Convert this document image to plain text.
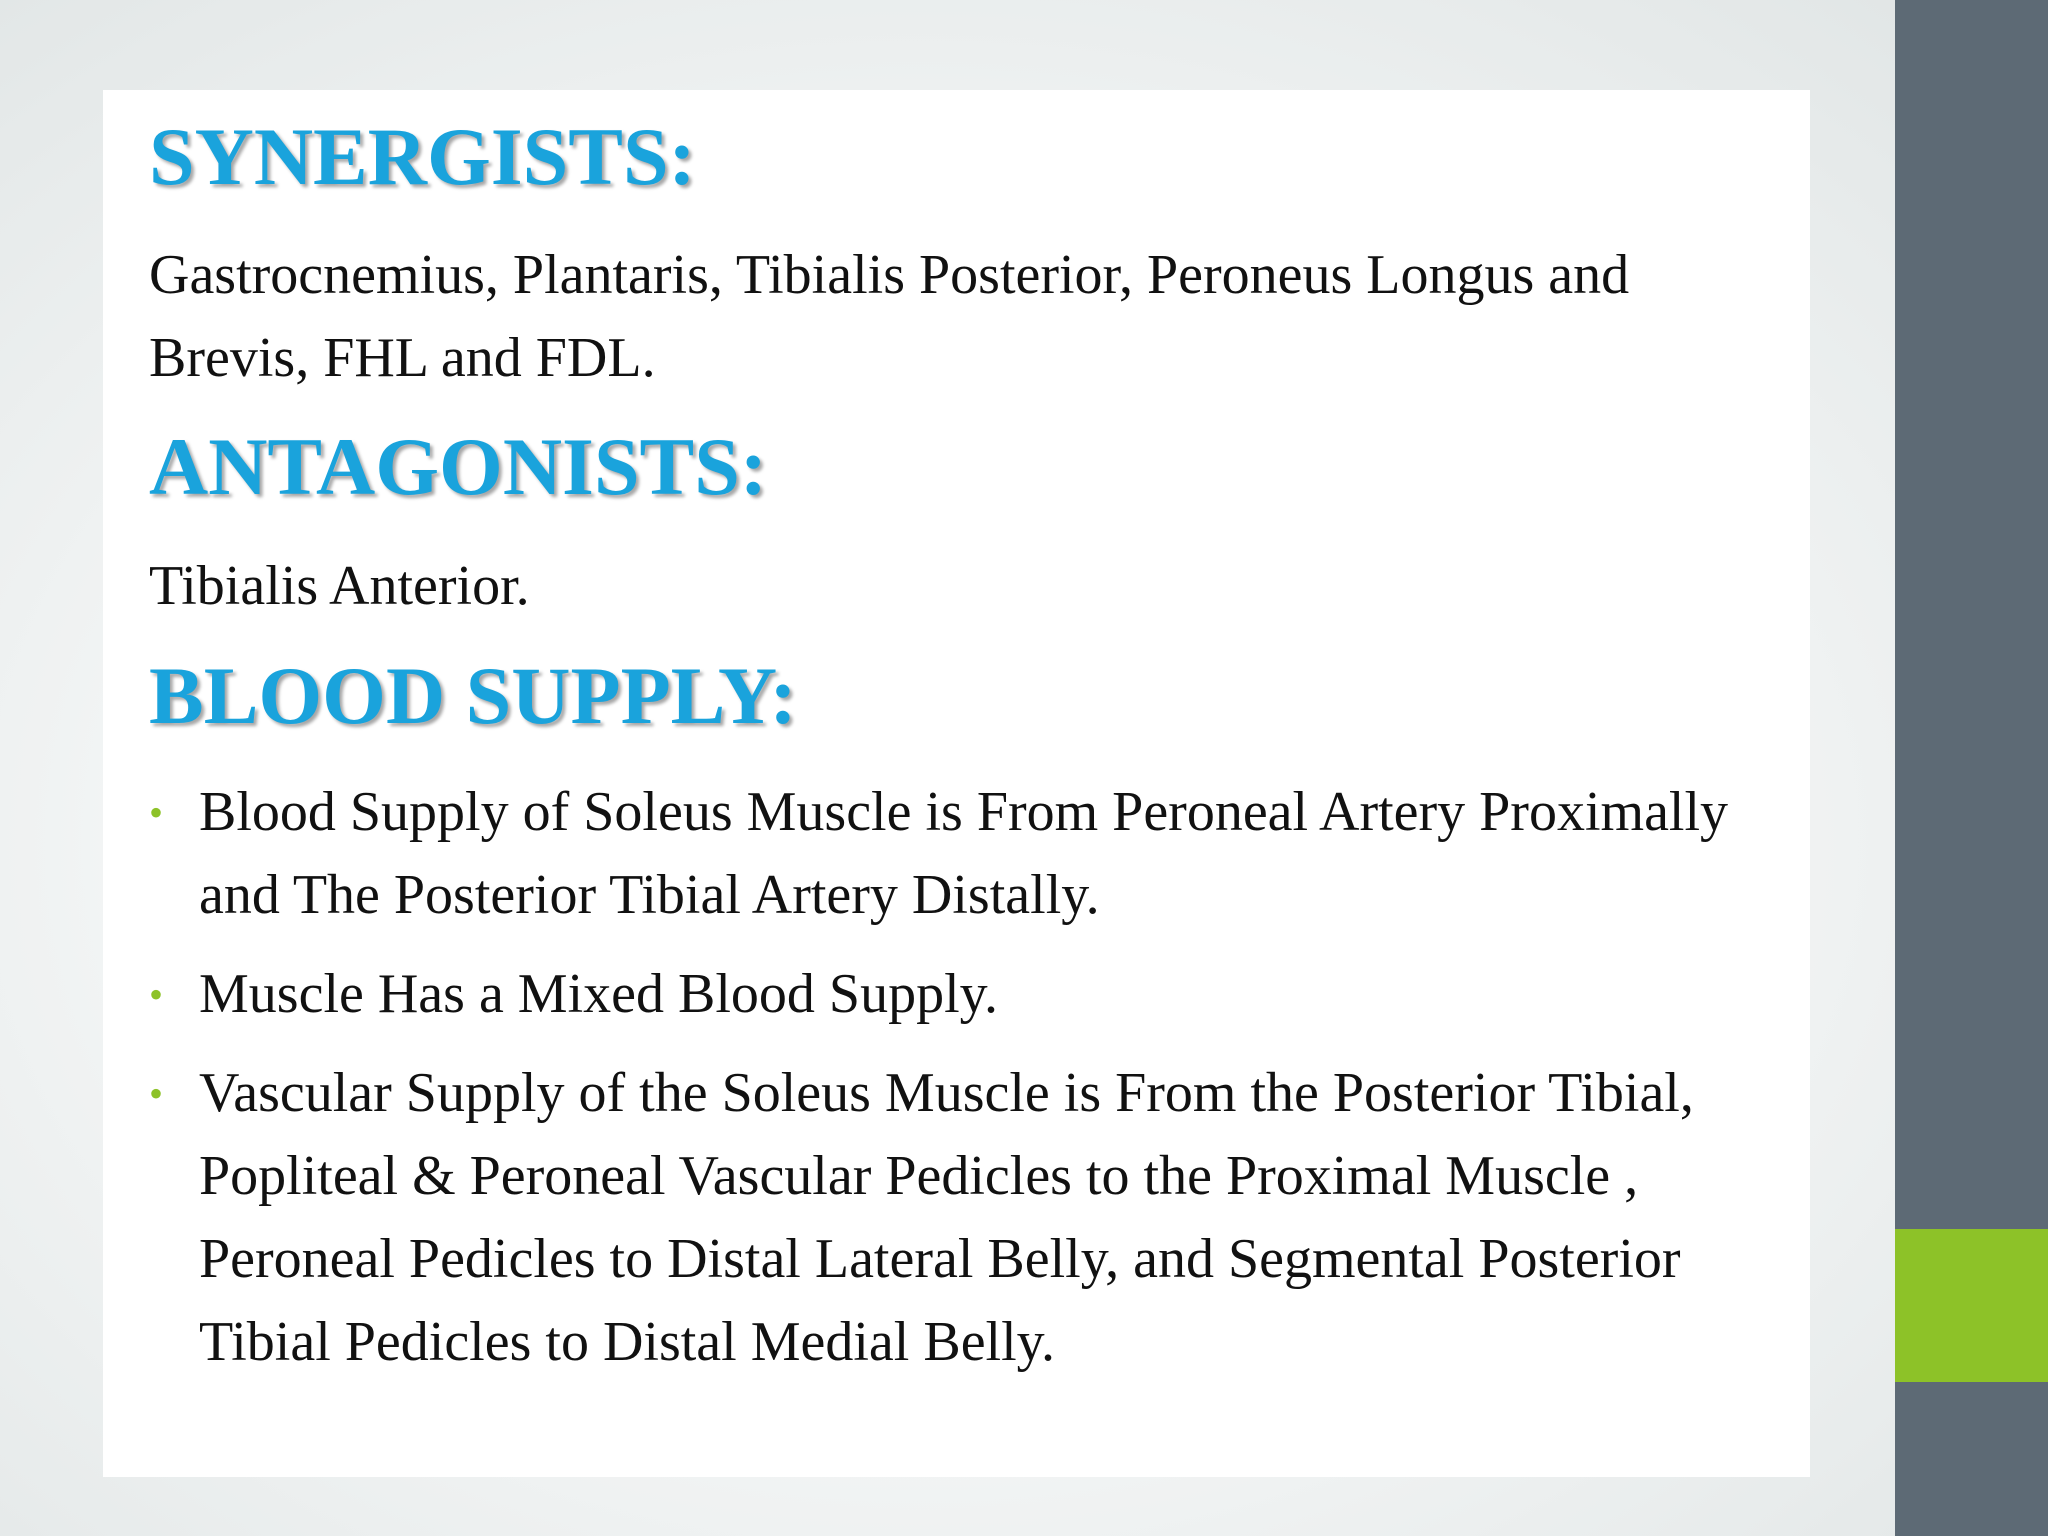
SYNERGISTS:

Gastrocnemius, Plantaris, Tibialis Posterior, Peroneus Longus and Brevis, FHL and FDL.

ANTAGONISTS:

Tibialis Anterior.

BLOOD SUPPLY:
• Blood Supply of Soleus Muscle is From Peroneal Artery Proximally and The Posterior Tibial Artery Distally.
• Muscle Has a Mixed Blood Supply.
• Vascular Supply of the Soleus Muscle is From the Posterior Tibial, Popliteal & Peroneal Vascular Pedicles to the Proximal Muscle , Peroneal Pedicles to Distal Lateral Belly, and Segmental Posterior Tibial Pedicles to Distal Medial Belly.
